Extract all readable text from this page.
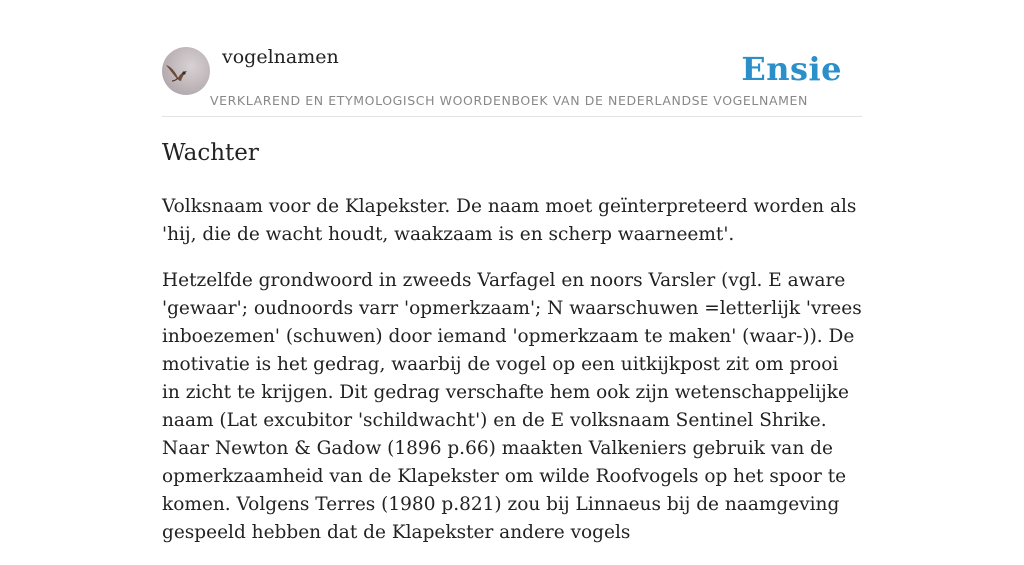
vogelnamen	Ensie
VERKLAREND EN ETYMOLOGISCH WOORDENBOEK VAN DE NEDERLANDSE VOGELNAMEN
Wachter

Volksnaam voor de Klapekster. De naam moet geïnterpreteerd worden als 'hij, die de wacht houdt, waakzaam is en scherp waarneemt'.

Hetzelfde grondwoord in zweeds Varfagel en noors Varsler (vgl. E aware 'gewaar'; oudnoords varr 'opmerkzaam'; N waarschuwen =letterlijk 'vrees inboezemen' (schuwen) door iemand 'opmerkzaam te maken' (waar-)). De motivatie is het gedrag, waarbij de vogel op een uitkijkpost zit om prooi in zicht te krijgen. Dit gedrag verschafte hem ook zijn wetenschappelijke naam (Lat excubitor 'schildwacht') en de E volksnaam Sentinel Shrike. Naar Newton & Gadow (1896 p.66) maakten Valkeniers gebruik van de opmerkzaamheid van de Klapekster om wilde Roofvogels op het spoor te komen. Volgens Terres (1980 p.821) zou bij Linnaeus bij de naamgeving gespeeld hebben dat de Klapekster andere vogels
